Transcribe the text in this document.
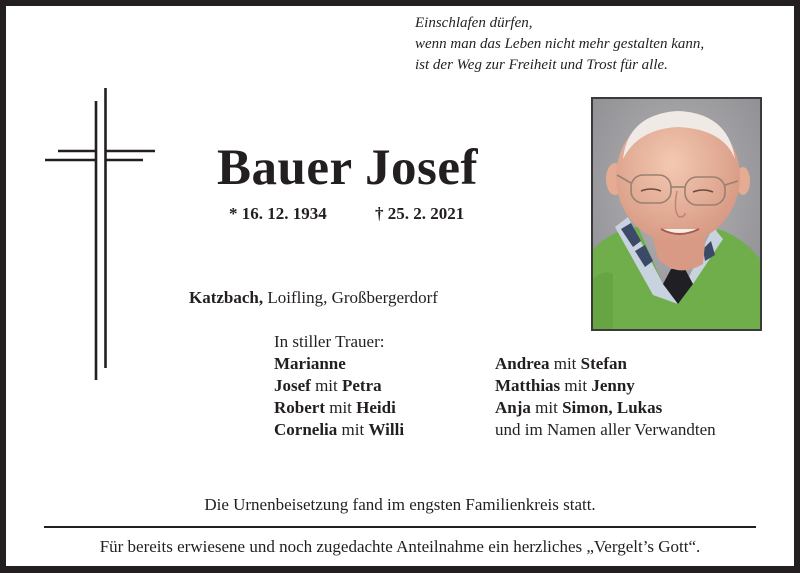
Einschlafen dürfen,
wenn man das Leben nicht mehr gestalten kann,
ist der Weg zur Freiheit und Trost für alle.
Bauer Josef
* 16. 12. 1934	† 25. 2. 2021
Katzbach, Loifling, Großbergerdorf
In stiller Trauer:
Marianne
Josef mit Petra
Robert mit Heidi
Cornelia mit Willi
Andrea mit Stefan
Matthias mit Jenny
Anja mit Simon, Lukas
und im Namen aller Verwandten
Die Urnenbeisetzung fand im engsten Familienkreis statt.
Für bereits erwiesene und noch zugedachte Anteilnahme ein herzliches „Vergelt’s Gott“.
